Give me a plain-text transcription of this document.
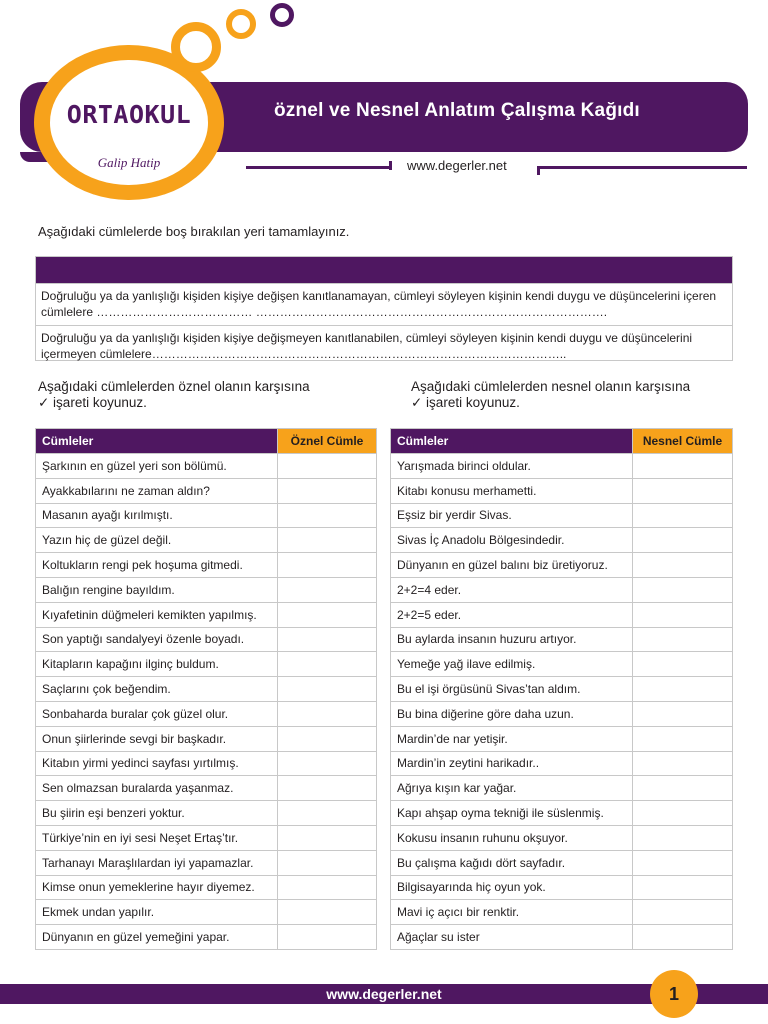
ORTAOKUL
Galip Hatip
öznel ve Nesnel Anlatım Çalışma Kağıdı
www.degerler.net
Aşağıdaki cümlelerde boş bırakılan yeri tamamlayınız.
Doğruluğu ya da yanlışlığı kişiden kişiye değişen kanıtlanamayan, cümleyi söyleyen kişinin kendi duygu ve düşüncelerini içeren cümlelere ………………………………… …………………………………………………………………………….
Doğruluğu ya da yanlışlığı kişiden kişiye değişmeyen kanıtlanabilen, cümleyi söyleyen kişinin kendi duygu ve düşüncelerini içermeyen cümlelere…………………………………………………………………………………………..
Aşağıdaki cümlelerden öznel olanın karşısına
✓ işareti koyunuz.
Cümleler	Öznel Cümle
Şarkının en güzel yeri son bölümü.	
Ayakkabılarını ne zaman aldın?	
Masanın ayağı kırılmıştı.	
Yazın hiç de güzel değil.	
Koltukların rengi pek hoşuma gitmedi.	
Balığın rengine bayıldım.	
Kıyafetinin düğmeleri kemikten yapılmış.	
Son yaptığı sandalyeyi özenle boyadı.	
Kitapların kapağını ilginç buldum.	
Saçlarını çok beğendim.	
Sonbaharda buralar çok güzel olur.	
Onun şiirlerinde sevgi bir başkadır.	
Kitabın yirmi yedinci sayfası yırtılmış.	
Sen olmazsan buralarda yaşanmaz.	
Bu şiirin eşi benzeri yoktur.	
Türkiye’nin en iyi sesi Neşet Ertaş’tır.	
Tarhanayı Maraşlılardan iyi yapamazlar.	
Kimse onun yemeklerine hayır diyemez.	
Ekmek undan yapılır.	
Dünyanın en güzel yemeğini yapar.	
Aşağıdaki cümlelerden nesnel olanın karşısına
✓ işareti koyunuz.
Cümleler	Nesnel Cümle
Yarışmada birinci oldular.	
Kitabı konusu merhametti.	
Eşsiz bir yerdir Sivas.	
Sivas İç Anadolu Bölgesindedir.	
Dünyanın en güzel balını biz üretiyoruz.	
2+2=4 eder.	
2+2=5 eder.	
Bu aylarda insanın huzuru artıyor.	
Yemeğe yağ ilave edilmiş.	
Bu el işi örgüsünü Sivas’tan aldım.	
Bu bina diğerine göre daha uzun.	
Mardin’de nar yetişir.	
Mardin’in zeytini harikadır..	
Ağrıya kışın kar yağar.	
Kapı ahşap oyma tekniği ile süslenmiş.	
Kokusu insanın ruhunu okşuyor.	
Bu çalışma kağıdı dört sayfadır.	
Bilgisayarında hiç oyun yok.	
Mavi iç açıcı bir renktir.	
Ağaçlar su ister	
www.degerler.net	1
